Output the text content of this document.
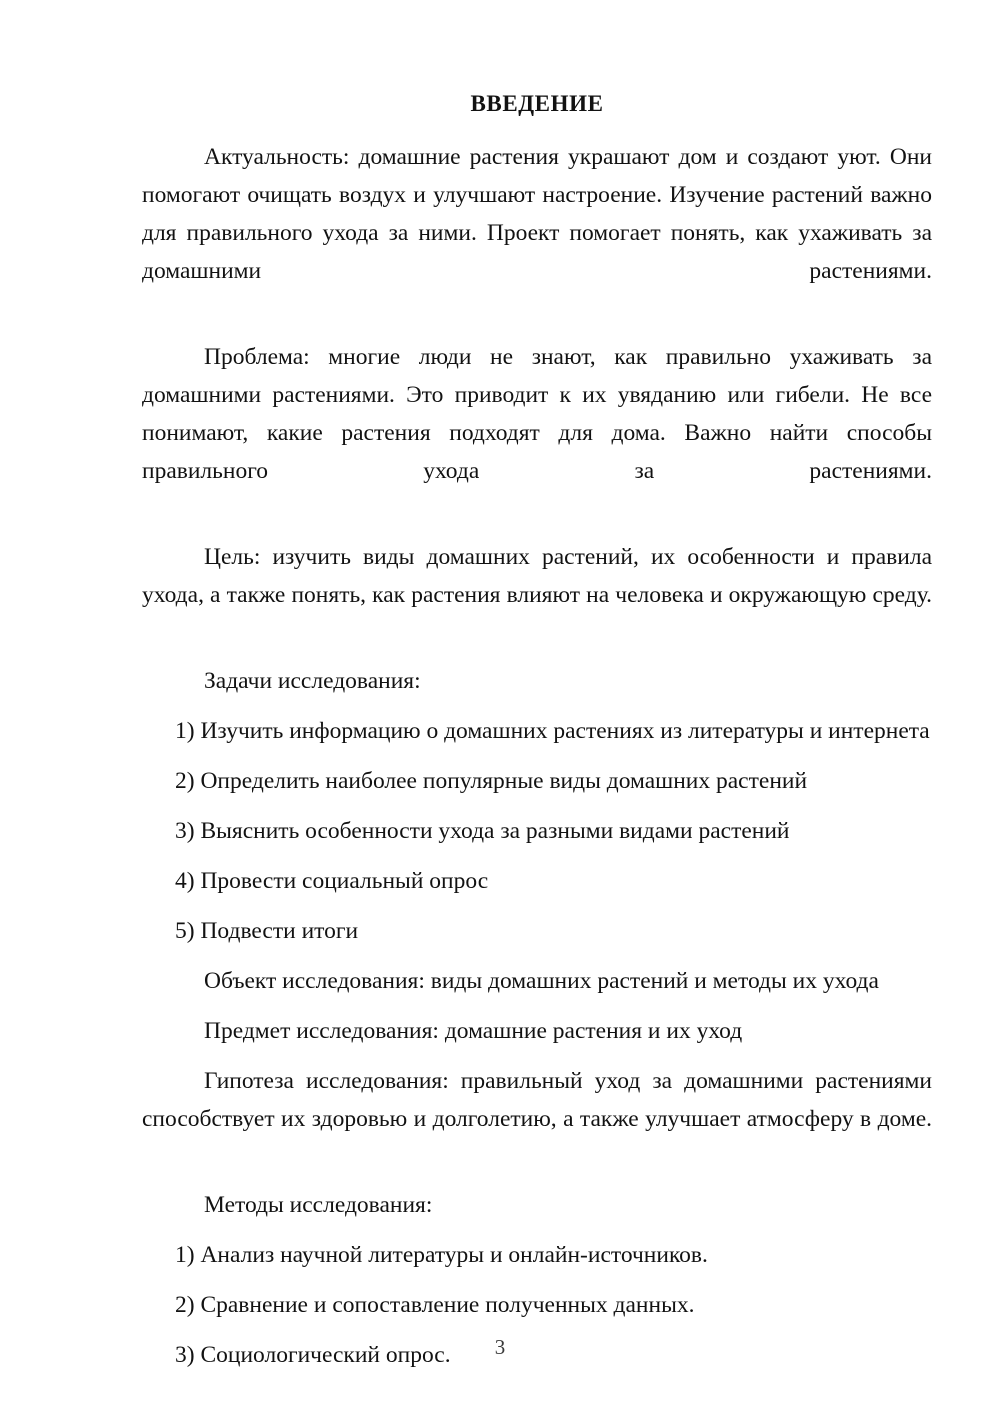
ВВЕДЕНИЕ

Актуальность: домашние растения украшают дом и создают уют. Они помогают очищать воздух и улучшают настроение. Изучение растений важно для правильного ухода за ними. Проект помогает понять, как ухаживать за домашними растениями.

Проблема: многие люди не знают, как правильно ухаживать за домашними растениями. Это приводит к их увяданию или гибели. Не все понимают, какие растения подходят для дома. Важно найти способы правильного ухода за растениями.

Цель: изучить виды домашних растений, их особенности и правила ухода, а также понять, как растения влияют на человека и окружающую среду.

Задачи исследования:

1) Изучить информацию о домашних растениях из литературы и интернета

2) Определить наиболее популярные виды домашних растений

3) Выяснить особенности ухода за разными видами растений

4) Провести социальный опрос

5) Подвести итоги

Объект исследования: виды домашних растений и методы их ухода

Предмет исследования: домашние растения и их уход

Гипотеза исследования: правильный уход за домашними растениями способствует их здоровью и долголетию, а также улучшает атмосферу в доме.

Методы исследования:

1) Анализ научной литературы и онлайн-источников.

2) Сравнение и сопоставление полученных данных.

3) Социологический опрос.	3
